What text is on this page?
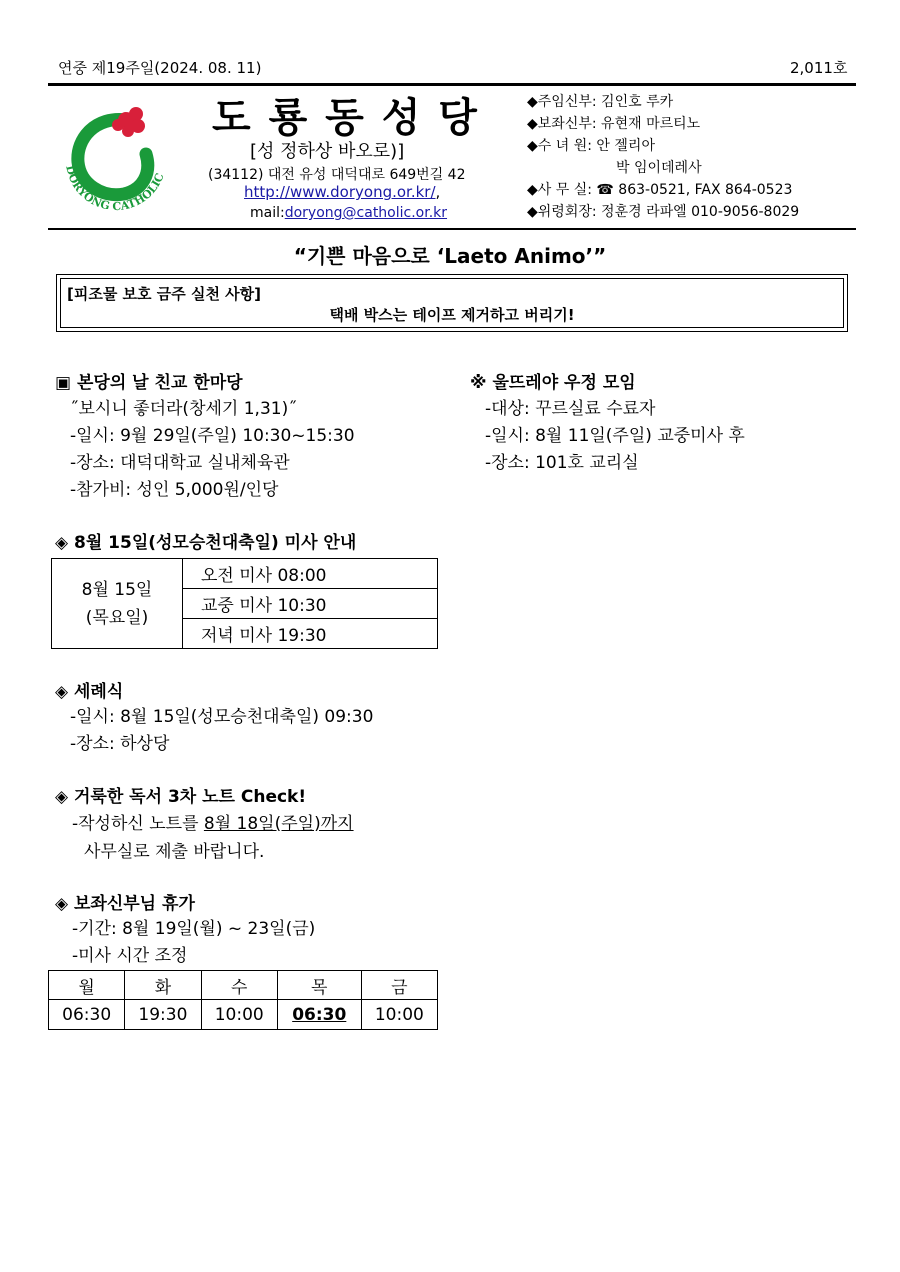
연중 제19주일(2024. 08. 11)	2,011호
DORYONG CATHOLIC
도 룡 동 성 당
[성 정하상 바오로)]
(34112) 대전 유성 대덕대로 649번길 42
http://www.doryong.or.kr/,
mail:doryong@catholic.or.kr
◆주임신부: 김인호 루카
◆보좌신부: 유현재 마르티노
◆수 녀 원: 안 젤리아
박 임이데레사
◆사 무 실: ☎ 863-0521, FAX 864-0523
◆위령회장: 정훈경 라파엘 010-9056-8029
“기쁜 마음으로 ‘Laeto Animo’”
[피조물 보호 금주 실천 사항]
택배 박스는 테이프 제거하고 버리기!
▣ 본당의 날 친교 한마당
˝보시니 좋더라(창세기 1,31)˝
-일시: 9월 29일(주일) 10:30~15:30
-장소: 대덕대학교 실내체육관
-참가비: 성인 5,000원/인당
※ 울뜨레야 우정 모임
-대상: 꾸르실료 수료자
-일시: 8월 11일(주일) 교중미사 후
-장소: 101호 교리실
◈ 8월 15일(성모승천대축일) 미사 안내
8월 15일
(목요일)
	오전 미사 08:00
교중 미사 10:30
저녁 미사 19:30
◈ 세례식
-일시: 8월 15일(성모승천대축일) 09:30
-장소: 하상당
◈ 거룩한 독서 3차 노트 Check!
-작성하신 노트를 8월 18일(주일)까지
사무실로 제출 바랍니다.
◈ 보좌신부님 휴가
-기간: 8월 19일(월) ~ 23일(금)
-미사 시간 조정
월	화	수	목	금
06:30	19:30	10:00	06:30	10:00
